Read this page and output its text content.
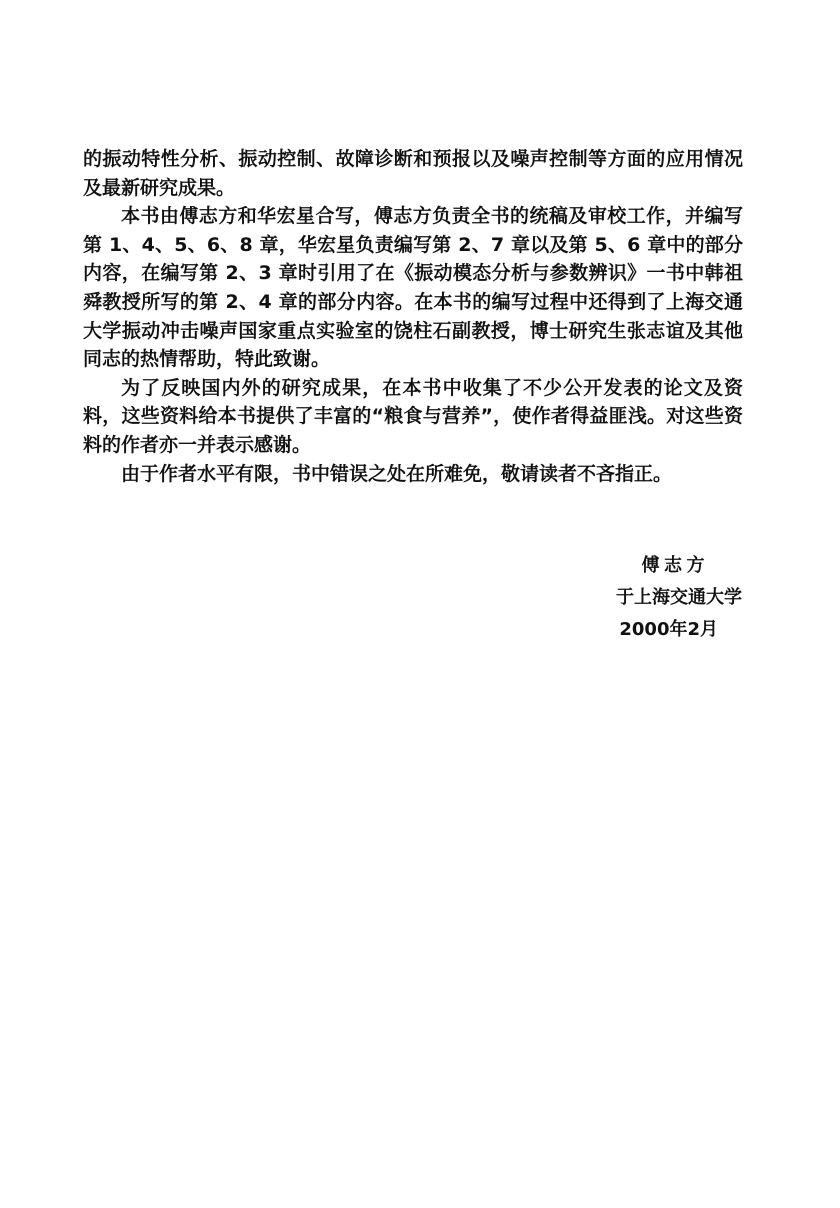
的振动特性分析、振动控制、故障诊断和预报以及噪声控制等方面的应用情况及最新研究成果。

本书由傅志方和华宏星合写，傅志方负责全书的统稿及审校工作，并编写第 1、4、5、6、8 章，华宏星负责编写第 2、7 章以及第 5、6 章中的部分内容，在编写第 2、3 章时引用了在《振动模态分析与参数辨识》一书中韩祖舜教授所写的第 2、4 章的部分内容。在本书的编写过程中还得到了上海交通大学振动冲击噪声国家重点实验室的饶柱石副教授，博士研究生张志谊及其他同志的热情帮助，特此致谢。

为了反映国内外的研究成果，在本书中收集了不少公开发表的论文及资料，这些资料给本书提供了丰富的“粮食与营养”，使作者得益匪浅。对这些资料的作者亦一并表示感谢。

由于作者水平有限，书中错误之处在所难免，敬请读者不吝指正。

傅志方
于上海交通大学
2000年2月
